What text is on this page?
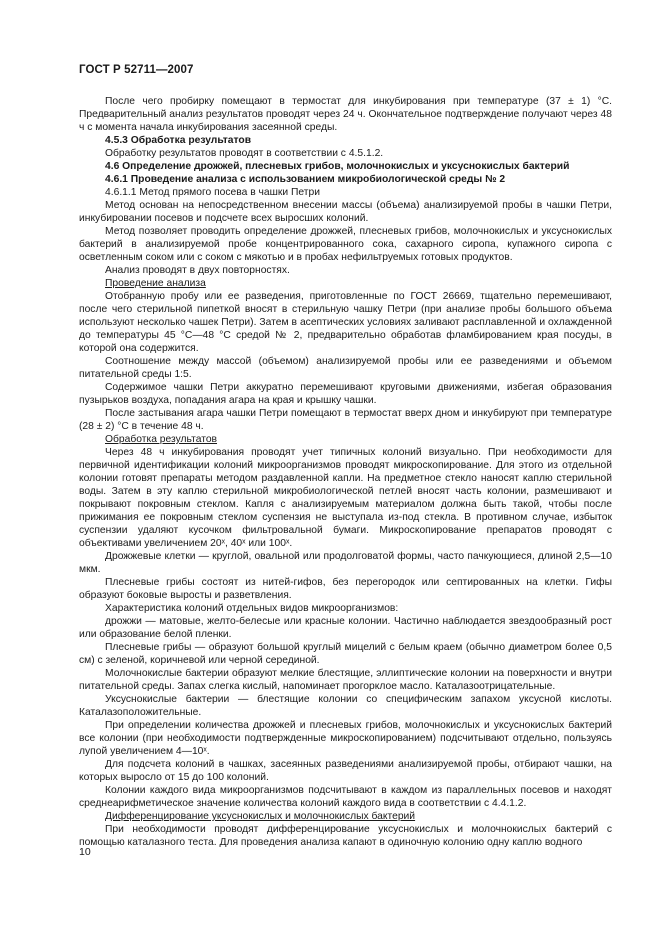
ГОСТ Р 52711—2007

После чего пробирку помещают в термостат для инкубирования при температуре (37 ± 1) °С. Предварительный анализ результатов проводят через 24 ч. Окончательное подтверждение получают через 48 ч с момента начала инкубирования засеянной среды.

4.5.3 Обработка результатов

Обработку результатов проводят в соответствии с 4.5.1.2.

4.6 Определение дрожжей, плесневых грибов, молочнокислых и уксуснокислых бактерий

4.6.1 Проведение анализа с использованием микробиологической среды № 2

4.6.1.1 Метод прямого посева в чашки Петри

Метод основан на непосредственном внесении массы (объема) анализируемой пробы в чашки Петри, инкубировании посевов и подсчете всех выросших колоний.

Метод позволяет проводить определение дрожжей, плесневых грибов, молочнокислых и уксуснокислых бактерий в анализируемой пробе концентрированного сока, сахарного сиропа, купажного сиропа с осветленным соком или с соком с мякотью и в пробах нефильтруемых готовых продуктов.

Анализ проводят в двух повторностях.

Проведение анализа

Отобранную пробу или ее разведения, приготовленные по ГОСТ 26669, тщательно перемешивают, после чего стерильной пипеткой вносят в стерильную чашку Петри (при анализе пробы большого объема используют несколько чашек Петри). Затем в асептических условиях заливают расплавленной и охлажденной до температуры 45 °С—48 °С средой № 2, предварительно обработав фламбированием края посуды, в которой она содержится.

Соотношение между массой (объемом) анализируемой пробы или ее разведениями и объемом питательной среды 1:5.

Содержимое чашки Петри аккуратно перемешивают круговыми движениями, избегая образования пузырьков воздуха, попадания агара на края и крышку чашки.

После застывания агара чашки Петри помещают в термостат вверх дном и инкубируют при температуре (28 ± 2) °С в течение 48 ч.

Обработка результатов

Через 48 ч инкубирования проводят учет типичных колоний визуально. При необходимости для первичной идентификации колоний микроорганизмов проводят микроскопирование. Для этого из отдельной колонии готовят препараты методом раздавленной капли. На предметное стекло наносят каплю стерильной воды. Затем в эту каплю стерильной микробиологической петлей вносят часть колонии, размешивают и покрывают покровным стеклом. Капля с анализируемым материалом должна быть такой, чтобы после прижимания ее покровным стеклом суспензия не выступала из-под стекла. В противном случае, избыток суспензии удаляют кусочком фильтровальной бумаги. Микроскопирование препаратов проводят с объективами увеличением 20ˣ, 40ˣ или 100ˣ.

Дрожжевые клетки — круглой, овальной или продолговатой формы, часто пачкующиеся, длиной 2,5—10 мкм.

Плесневые грибы состоят из нитей-гифов, без перегородок или септированных на клетки. Гифы образуют боковые выросты и разветвления.

Характеристика колоний отдельных видов микроорганизмов:

дрожжи — матовые, желто-белесые или красные колонии. Частично наблюдается звездообразный рост или образование белой пленки.

Плесневые грибы — образуют большой круглый мицелий с белым краем (обычно диаметром более 0,5 см) с зеленой, коричневой или черной серединой.

Молочнокислые бактерии образуют мелкие блестящие, эллиптические колонии на поверхности и внутри питательной среды. Запах слегка кислый, напоминает прогорклое масло. Каталазоотрицательные.

Уксуснокислые бактерии — блестящие колонии со специфическим запахом уксусной кислоты. Каталазоположительные.

При определении количества дрожжей и плесневых грибов, молочнокислых и уксуснокислых бактерий все колонии (при необходимости подтвержденные микроскопированием) подсчитывают отдельно, пользуясь лупой увеличением 4—10ˣ.

Для подсчета колоний в чашках, засеянных разведениями анализируемой пробы, отбирают чашки, на которых выросло от 15 до 100 колоний.

Колонии каждого вида микроорганизмов подсчитывают в каждом из параллельных посевов и находят среднеарифметическое значение количества колоний каждого вида в соответствии с 4.4.1.2.

Дифференцирование уксуснокислых и молочнокислых бактерий

При необходимости проводят дифференцирование уксуснокислых и молочнокислых бактерий с помощью каталазного теста. Для проведения анализа капают в одиночную колонию одну каплю водного

10
